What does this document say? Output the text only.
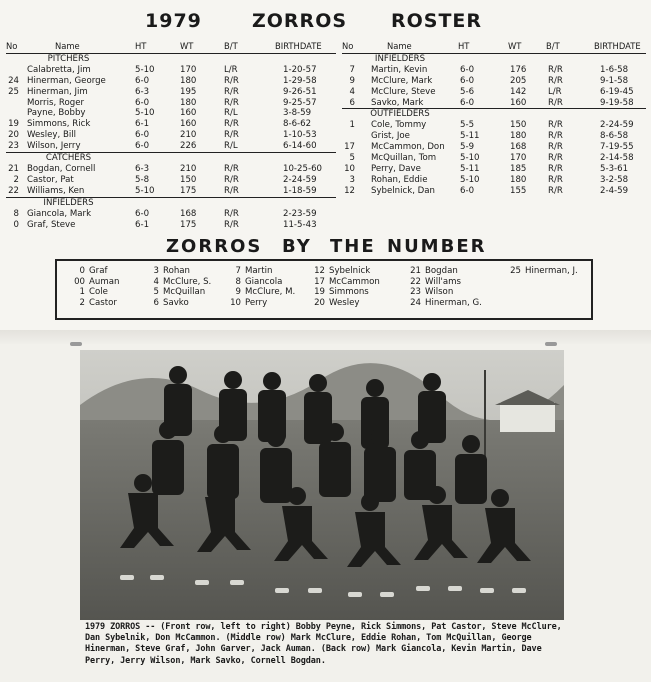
1979	ZORROS ROSTER
No	Name	HT	WT	B/T	BIRTHDATE
PITCHERS					
	Calabretta, Jim	5-10	170	L/R	1-20-57
24	Hinerman, George	6-0	180	R/R	1-29-58
25	Hinerman, Jim	6-3	195	R/R	9-26-51
	Morris, Roger	6-0	180	R/R	9-25-57
	Payne, Bobby	5-10	160	R/L	3-8-59
19	Simmons, Rick	6-1	160	R/R	8-6-62
20	Wesley, Bill	6-0	210	R/R	1-10-53
23	Wilson, Jerry	6-0	226	R/L	6-14-60
CATCHERS					
21	Bogdan, Cornell	6-3	210	R/R	10-25-60
2	Castor, Pat	5-8	150	R/R	2-24-59
22	Williams, Ken	5-10	175	R/R	1-18-59
INFIELDERS					
8	Giancola, Mark	6-0	168	R/R	2-23-59
0	Graf, Steve	6-1	175	R/R	11-5-43
No	Name	HT	WT	B/T	BIRTHDATE
INFIELDERS					
7	Martin, Kevin	6-0	176	R/R	1-6-58
9	McClure, Mark	6-0	205	R/R	9-1-58
4	McClure, Steve	5-6	142	L/R	6-19-45
6	Savko, Mark	6-0	160	R/R	9-19-58
OUTFIELDERS					
1	Cole, Tommy	5-5	150	R/R	2-24-59
	Grist, Joe	5-11	180	R/R	8-6-58
17	McCammon, Don	5-9	168	R/R	7-19-55
5	McQuillan, Tom	5-10	170	R/R	2-14-58
10	Perry, Dave	5-11	185	R/R	5-3-61
3	Rohan, Eddie	5-10	180	R/R	3-2-58
12	Sybelnick, Dan	6-0	155	R/R	2-4-59
ZORROS BY THE NUMBER
0 Graf
00 Auman
1 Cole
2 Castor
3 Rohan
4 McClure, S.
5 McQuillan
6 Savko
7 Martin
8 Giancola
9 McClure, M.
10 Perry
12 Sybelnick
17 McCammon
19 Simmons
20 Wesley
21 Bogdan
22 Will'ams
23 Wilson
24 Hinerman, G.
25 Hinerman, J.
1979 ZORROS -- (Front row, left to right) Bobby Peyne, Rick Simmons, Pat Castor, Steve McClure, Dan Sybelnik, Don McCammon. (Middle row) Mark McClure, Eddie Rohan, Tom McQuillan, George Hinerman, Steve Graf, John Garver, Jack Auman. (Back row) Mark Giancola, Kevin Martin, Dave Perry, Jerry Wilson, Mark Savko, Cornell Bogdan.
